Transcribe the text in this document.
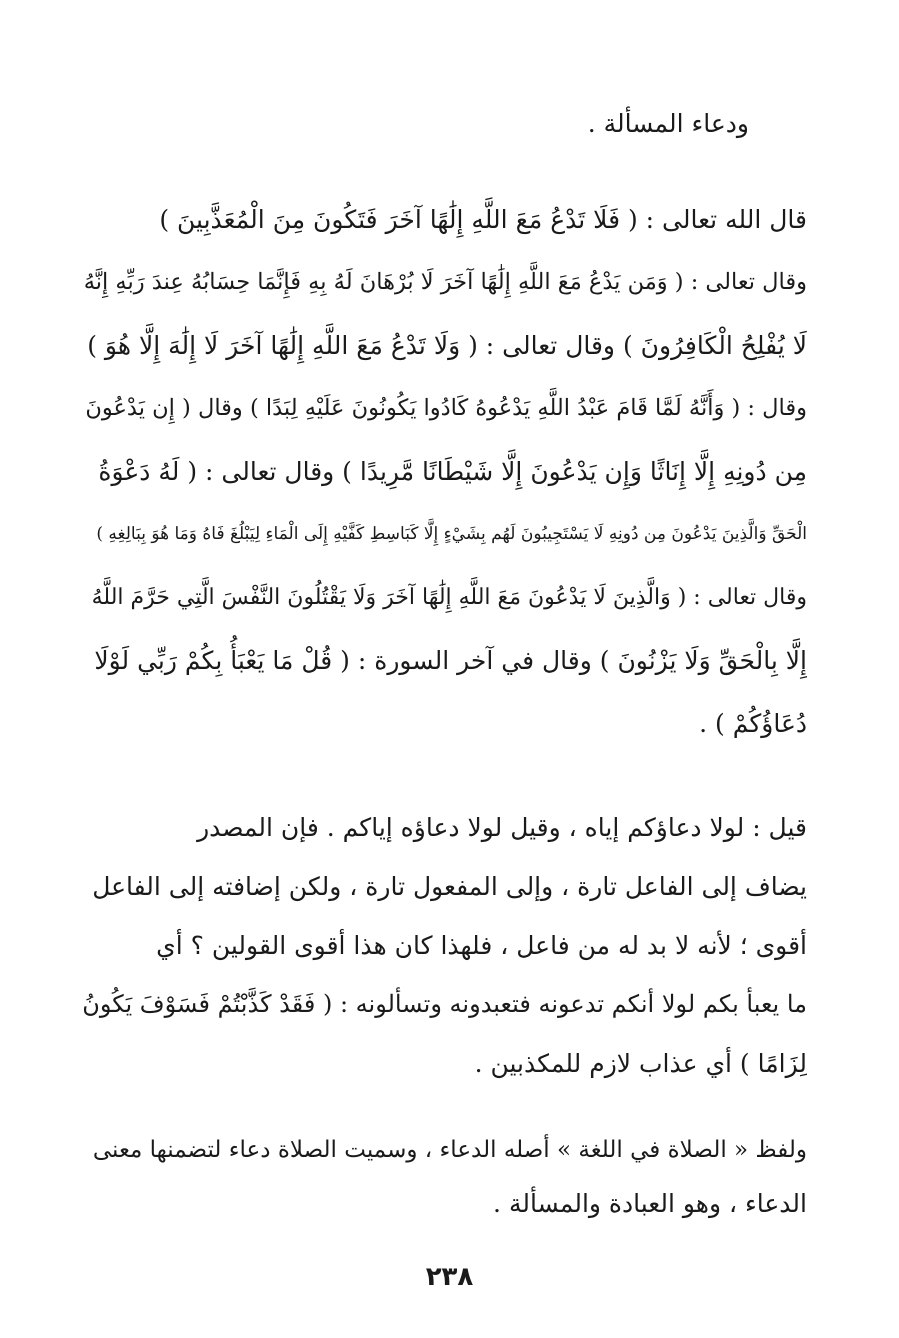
ودعاء المسألة .
قال الله تعالى : ( فَلَا تَدْعُ مَعَ اللَّهِ إِلَٰهًا آخَرَ فَتَكُونَ مِنَ الْمُعَذَّبِينَ )
وقال تعالى : ( وَمَن يَدْعُ مَعَ اللَّهِ إِلَٰهًا آخَرَ لَا بُرْهَانَ لَهُ بِهِ فَإِنَّمَا حِسَابُهُ عِندَ رَبِّهِ إِنَّهُ
لَا يُفْلِحُ الْكَافِرُونَ ) وقال تعالى : ( وَلَا تَدْعُ مَعَ اللَّهِ إِلَٰهًا آخَرَ لَا إِلَٰهَ إِلَّا هُوَ )
وقال : ( وَأَنَّهُ لَمَّا قَامَ عَبْدُ اللَّهِ يَدْعُوهُ كَادُوا يَكُونُونَ عَلَيْهِ لِبَدًا ) وقال ( إِن يَدْعُونَ
مِن دُونِهِ إِلَّا إِنَاثًا وَإِن يَدْعُونَ إِلَّا شَيْطَانًا مَّرِيدًا ) وقال تعالى : ( لَهُ دَعْوَةُ
الْحَقِّ وَالَّذِينَ يَدْعُونَ مِن دُونِهِ لَا يَسْتَجِيبُونَ لَهُم بِشَيْءٍ إِلَّا كَبَاسِطِ كَفَّيْهِ إِلَى الْمَاءِ لِيَبْلُغَ فَاهُ وَمَا هُوَ بِبَالِغِهِ )
وقال تعالى : ( وَالَّذِينَ لَا يَدْعُونَ مَعَ اللَّهِ إِلَٰهًا آخَرَ وَلَا يَقْتُلُونَ النَّفْسَ الَّتِي حَرَّمَ اللَّهُ
إِلَّا بِالْحَقِّ وَلَا يَزْنُونَ ) وقال في آخر السورة : ( قُلْ مَا يَعْبَأُ بِكُمْ رَبِّي لَوْلَا
دُعَاؤُكُمْ ) .
قيل : لولا دعاؤكم إياه ، وقيل لولا دعاؤه إياكم . فإن المصدر
يضاف إلى الفاعل تارة ، وإلى المفعول تارة ، ولكن إضافته إلى الفاعل
أقوى ؛ لأنه لا بد له من فاعل ، فلهذا كان هذا أقوى القولين ؟ أي
ما يعبأ بكم لولا أنكم تدعونه فتعبدونه وتسألونه : ( فَقَدْ كَذَّبْتُمْ فَسَوْفَ يَكُونُ
لِزَامًا ) أي عذاب لازم للمكذبين .
ولفظ « الصلاة في اللغة » أصله الدعاء ، وسميت الصلاة دعاء لتضمنها معنى
الدعاء ، وهو العبادة والمسألة .
٢٣٨
